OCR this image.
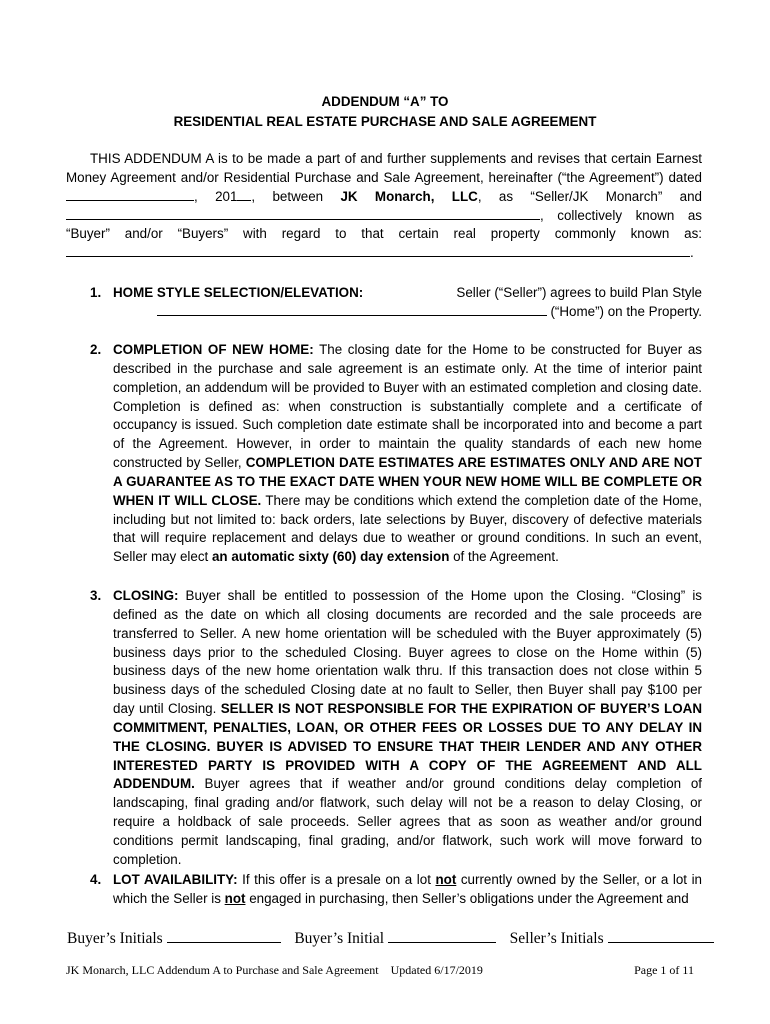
ADDENDUM “A” TO
RESIDENTIAL REAL ESTATE PURCHASE AND SALE AGREEMENT

THIS ADDENDUM A is to be made a part of and further supplements and revises that certain Earnest Money Agreement and/or Residential Purchase and Sale Agreement, hereinafter (“the Agreement”) dated , 201 , between JK Monarch, LLC, as “Seller/JK Monarch” and , collectively known as “Buyer” and/or “Buyers” with regard to that certain real property commonly known as: .

1. HOME STYLE SELECTION/ELEVATION:	Seller (“Seller”) agrees to build Plan Style
(“Home”) on the Property.
2. COMPLETION OF NEW HOME: The closing date for the Home to be constructed for Buyer as described in the purchase and sale agreement is an estimate only. At the time of interior paint completion, an addendum will be provided to Buyer with an estimated completion and closing date. Completion is defined as: when construction is substantially complete and a certificate of occupancy is issued. Such completion date estimate shall be incorporated into and become a part of the Agreement. However, in order to maintain the quality standards of each new home constructed by Seller, COMPLETION DATE ESTIMATES ARE ESTIMATES ONLY AND ARE NOT A GUARANTEE AS TO THE EXACT DATE WHEN YOUR NEW HOME WILL BE COMPLETE OR WHEN IT WILL CLOSE. There may be conditions which extend the completion date of the Home, including but not limited to: back orders, late selections by Buyer, discovery of defective materials that will require replacement and delays due to weather or ground conditions. In such an event, Seller may elect an automatic sixty (60) day extension of the Agreement.
3. CLOSING: Buyer shall be entitled to possession of the Home upon the Closing. “Closing” is defined as the date on which all closing documents are recorded and the sale proceeds are transferred to Seller. A new home orientation will be scheduled with the Buyer approximately (5) business days prior to the scheduled Closing. Buyer agrees to close on the Home within (5) business days of the new home orientation walk thru. If this transaction does not close within 5 business days of the scheduled Closing date at no fault to Seller, then Buyer shall pay $100 per day until Closing. SELLER IS NOT RESPONSIBLE FOR THE EXPIRATION OF BUYER’S LOAN COMMITMENT, PENALTIES, LOAN, OR OTHER FEES OR LOSSES DUE TO ANY DELAY IN THE CLOSING. BUYER IS ADVISED TO ENSURE THAT THEIR LENDER AND ANY OTHER INTERESTED PARTY IS PROVIDED WITH A COPY OF THE AGREEMENT AND ALL ADDENDUM. Buyer agrees that if weather and/or ground conditions delay completion of landscaping, final grading and/or flatwork, such delay will not be a reason to delay Closing, or require a holdback of sale proceeds. Seller agrees that as soon as weather and/or ground conditions permit landscaping, final grading, and/or flatwork, such work will move forward to completion.
4. LOT AVAILABILITY: If this offer is a presale on a lot not currently owned by the Seller, or a lot in which the Seller is not engaged in purchasing, then Seller’s obligations under the Agreement and
Buyer’s Initials	Buyer’s Initial	Seller’s Initials
JK Monarch, LLC Addendum A to Purchase and Sale Agreement    Updated 6/17/2019	Page 1 of 11
